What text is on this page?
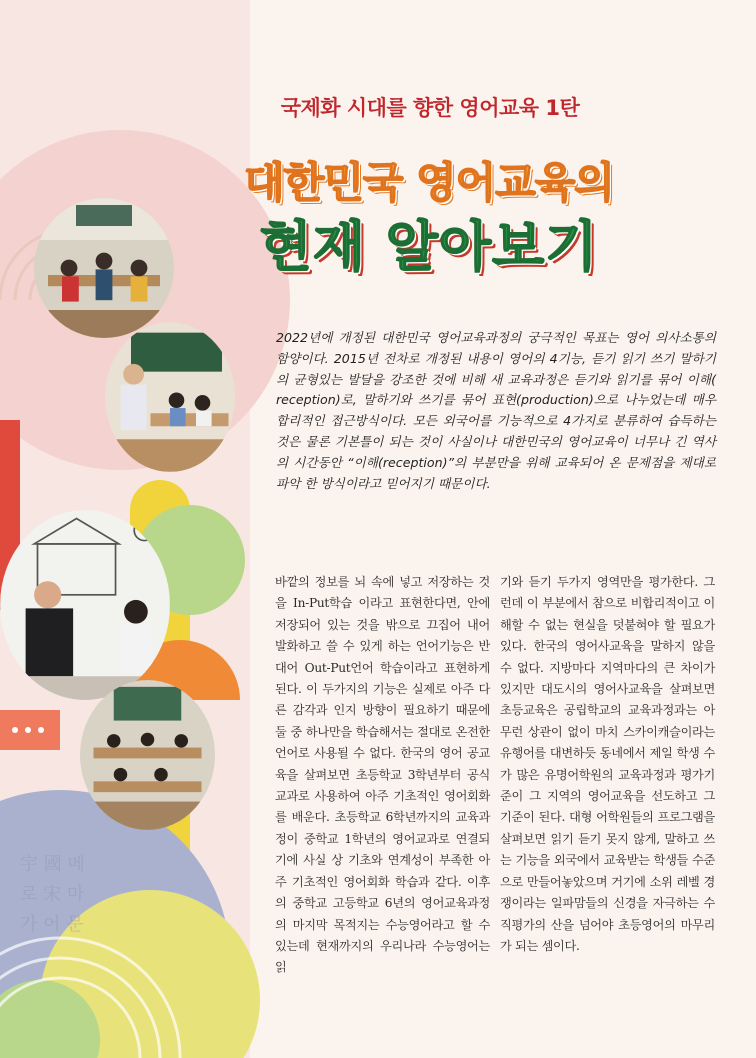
宇 國 메
로 宋 마
가 어 문
국제화 시대를 향한 영어교육 1탄
대한민국 영어교육의
현재 알아보기
2022년에 개정된 대한민국 영어교육과정의 궁극적인 목표는 영어 의사소통의 함양이다. 2015년 전차로 개정된 내용이 영어의 4기능, 듣기 읽기 쓰기 말하기의 균형있는 발달을 강조한 것에 비해 새 교육과정은 듣기와 읽기를 묶어 이해( reception)로, 말하기와 쓰기를 묶어 표현(production)으로 나누었는데 매우 합리적인 접근방식이다. 모든 외국어를 기능적으로 4가지로 분류하여 습득하는 것은 물론 기본틀이 되는 것이 사실이나 대한민국의 영어교육이 너무나 긴 역사의 시간동안 “이해(reception)”의 부분만을 위해 교육되어 온 문제점을 제대로 파악 한 방식이라고 믿어지기 때문이다.
바깥의 정보를 뇌 속에 넣고 저장하는 것을 In-Put학습 이라고 표현한다면, 안에 저장되어 있는 것을 밖으로 끄집어 내어 발화하고 쓸 수 있게 하는 언어기능은 반대어 Out-Put언어 학습이라고 표현하게 된다. 이 두가지의 기능은 실제로 아주 다른 감각과 인지 방향이 필요하기 때문에 둘 중 하나만을 학습해서는 절대로 온전한 언어로 사용될 수 없다. 한국의 영어 공교육을 살펴보면 초등학교 3학년부터 공식교과로 사용하여 아주 기초적인 영어회화를 배운다. 초등학교 6학년까지의 교육과정이 중학교 1학년의 영어교과로 연결되기에 사실 상 기초와 연계성이 부족한 아주 기초적인 영어회화 학습과 같다. 이후의 중학교 고등학교 6년의 영어교육과정의 마지막 목적지는 수능영어라고 할 수 있는데 현재까지의 우리나라 수능영어는 읽
기와 듣기 두가지 영역만을 평가한다. 그런데 이 부분에서 참으로 비합리적이고 이해할 수 없는 현실을 덧붙혀야 할 필요가 있다. 한국의 영어사교육을 말하지 않을 수 없다. 지방마다 지역마다의 큰 차이가 있지만 대도시의 영어사교육을 살펴보면 초등교육은 공립학교의 교육과정과는 아무런 상관이 없이 마치 스카이캐슬이라는 유행어를 대변하듯 동네에서 제일 학생 수가 많은 유명어학원의 교육과정과 평가기준이 그 지역의 영어교육을 선도하고 그 기준이 된다. 대형 어학원들의 프로그램을 살펴보면 읽기 듣기 못지 않게, 말하고 쓰는 기능을 외국에서 교육받는 학생들 수준으로 만들어놓았으며 거기에 소위 레벨 경쟁이라는 일파맘들의 신경을 자극하는 수직평가의 산을 넘어야 초등영어의 마무리가 되는 셈이다.
